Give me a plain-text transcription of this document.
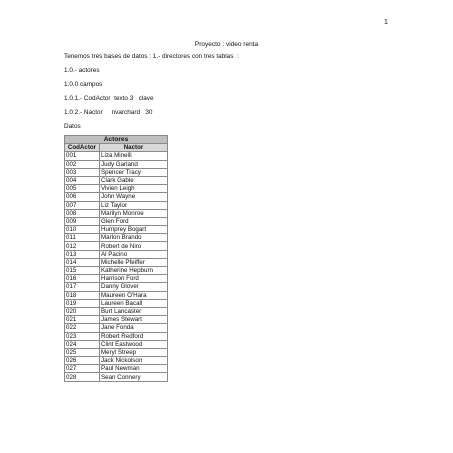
1
Proyecto : video renta
Tenemos tres bases de datos : 1.- directores con tres tablas  :
1.0.- actores
1.0.0 campos
1.0.1.- CodActor  texto 3   clave
1.0.2.- Nactor     nvarchard   30
Datos
Actores	
CodActor	Nactor
001	Liza Minelli
002	Judy Garland
003	Spencer Tracy
004	Clark Gable
005	Vivien Leigh
006	John Wayne
007	Liz Taylor
008	Marilyn Monroe
009	Glen Ford
010	Humprey Bogart
011	Marlon Brando
012	Robert de Niro
013	Al Pacino
014	Michelle Pfeiffer
015	Katherine Hepburn
016	Harrison Ford
017	Danny Glover
018	Maureen O'Hara
019	Laureen Bacall
020	Burt Lancaster
021	James Stewart
022	Jane Fonda
023	Robert Redford
024	Clint Eastwood
025	Meryl Streep
026	Jack Nickolson
027	Paul Newman
028	Sean Connery
